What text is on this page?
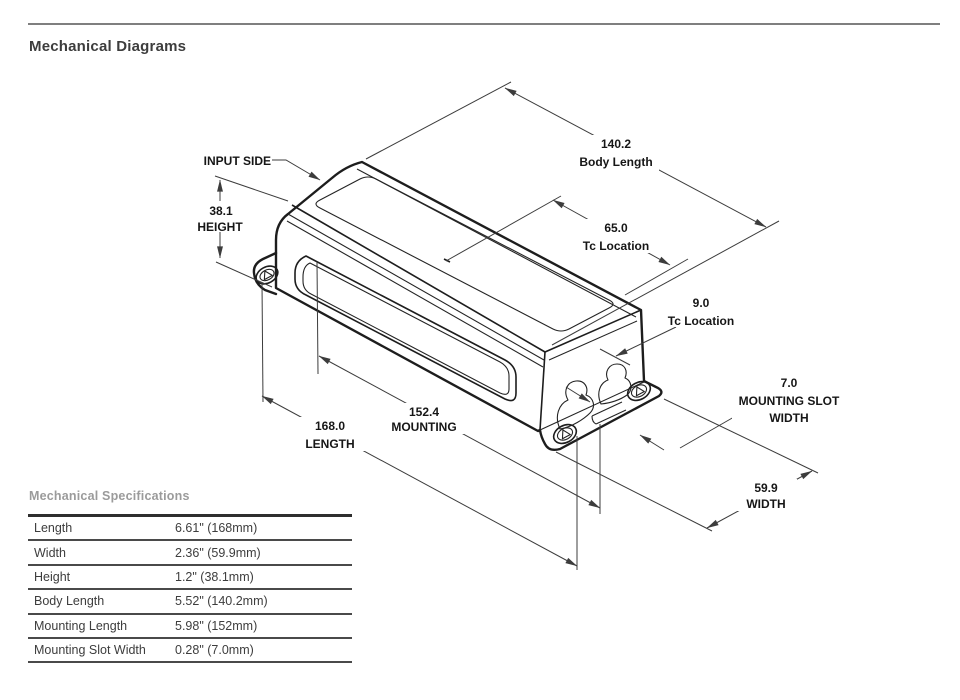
Mechanical Diagrams
INPUT SIDE
38.1
HEIGHT
140.2
Body Length
65.0
Tc Location
9.0
Tc Location
152.4
MOUNTING
168.0
LENGTH
7.0
MOUNTING SLOT
WIDTH
59.9
WIDTH
Mechanical Specifications
Length	6.61" (168mm)
Width	2.36" (59.9mm)
Height	1.2" (38.1mm)
Body Length	5.52" (140.2mm)
Mounting Length	5.98" (152mm)
Mounting Slot Width	0.28" (7.0mm)
